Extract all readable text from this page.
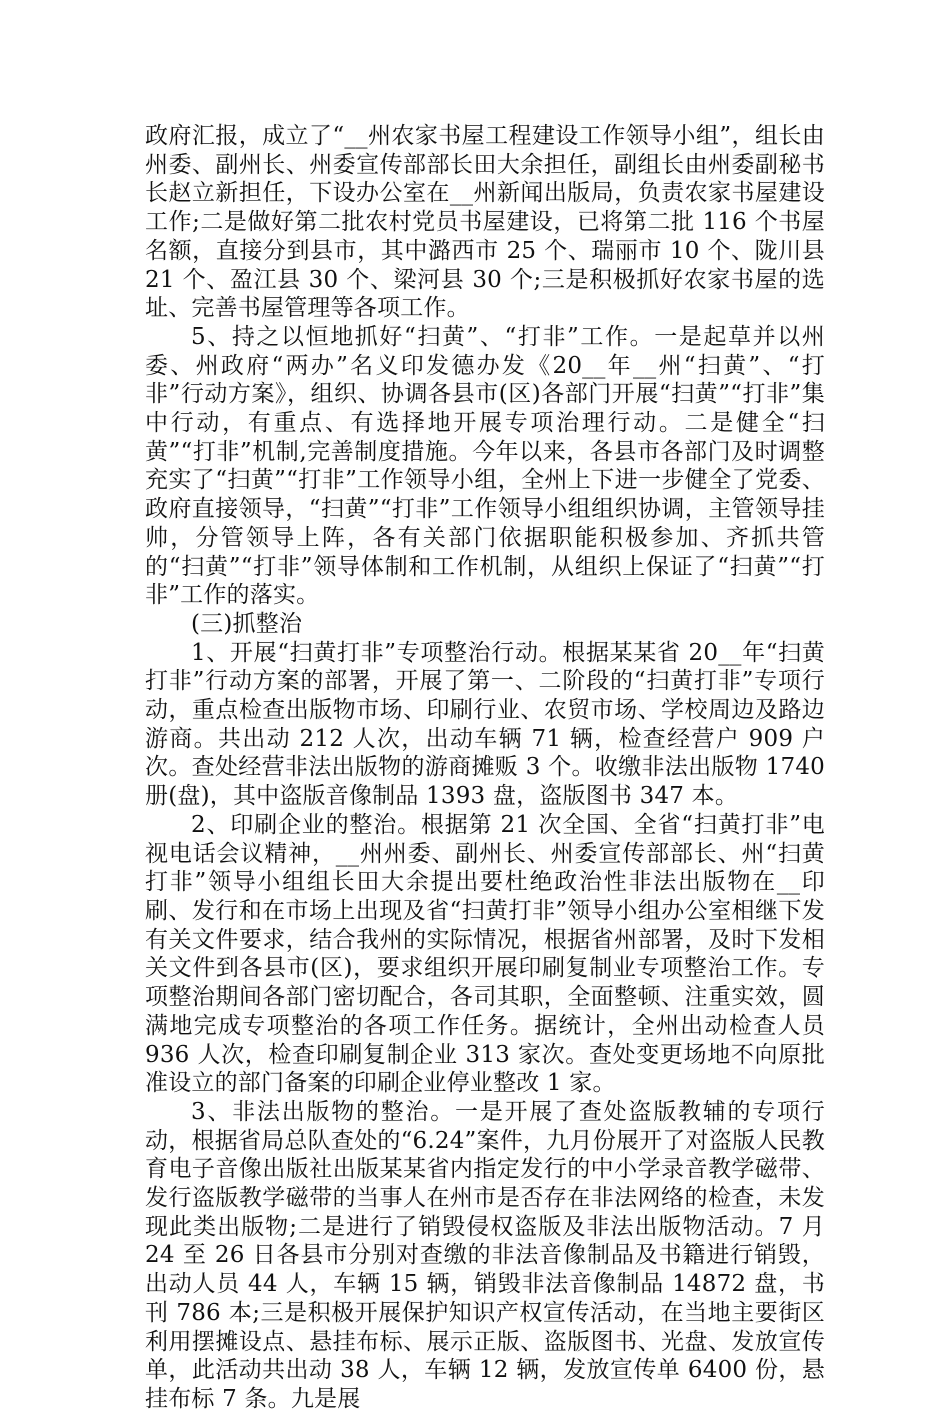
政府汇报，成立了“__州农家书屋工程建设工作领导小组”，组长由州委、副州长、州委宣传部部长田大余担任，副组长由州委副秘书长赵立新担任，下设办公室在__州新闻出版局，负责农家书屋建设工作;二是做好第二批农村党员书屋建设，已将第二批 116 个书屋名额，直接分到县市，其中潞西市 25 个、瑞丽市 10 个、陇川县 21 个、盈江县 30 个、梁河县 30 个;三是积极抓好农家书屋的选址、完善书屋管理等各项工作。

5、持之以恒地抓好“扫黄”、“打非”工作。一是起草并以州委、州政府“两办”名义印发德办发《20__年__州“扫黄”、“打非”行动方案》，组织、协调各县市(区)各部门开展“扫黄”“打非”集中行动，有重点、有选择地开展专项治理行动。二是健全“扫黄”“打非”机制,完善制度措施。今年以来，各县市各部门及时调整充实了“扫黄”“打非”工作领导小组，全州上下进一步健全了党委、政府直接领导，“扫黄”“打非”工作领导小组组织协调，主管领导挂帅，分管领导上阵，各有关部门依据职能积极参加、齐抓共管的“扫黄”“打非”领导体制和工作机制，从组织上保证了“扫黄”“打非”工作的落实。

(三)抓整治

1、开展“扫黄打非”专项整治行动。根据某某省 20__年“扫黄打非”行动方案的部署，开展了第一、二阶段的“扫黄打非”专项行动，重点检查出版物市场、印刷行业、农贸市场、学校周边及路边游商。共出动 212 人次，出动车辆 71 辆，检查经营户 909 户次。查处经营非法出版物的游商摊贩 3 个。收缴非法出版物 1740 册(盘)，其中盗版音像制品 1393 盘，盗版图书 347 本。

2、印刷企业的整治。根据第 21 次全国、全省“扫黄打非”电视电话会议精神，__州州委、副州长、州委宣传部部长、州“扫黄打非”领导小组组长田大余提出要杜绝政治性非法出版物在__印刷、发行和在市场上出现及省“扫黄打非”领导小组办公室相继下发有关文件要求，结合我州的实际情况，根据省州部署，及时下发相关文件到各县市(区)，要求组织开展印刷复制业专项整治工作。专项整治期间各部门密切配合，各司其职，全面整顿、注重实效，圆满地完成专项整治的各项工作任务。据统计，全州出动检查人员 936 人次，检查印刷复制企业 313 家次。查处变更场地不向原批准设立的部门备案的印刷企业停业整改 1 家。

3、非法出版物的整治。一是开展了查处盗版教辅的专项行动，根据省局总队查处的“6.24”案件，九月份展开了对盗版人民教育电子音像出版社出版某某省内指定发行的中小学录音教学磁带、发行盗版教学磁带的当事人在州市是否存在非法网络的检查，未发现此类出版物;二是进行了销毁侵权盗版及非法出版物活动。7 月 24 至 26 日各县市分别对查缴的非法音像制品及书籍进行销毁，出动人员 44 人，车辆 15 辆，销毁非法音像制品 14872 盘，书刊 786 本;三是积极开展保护知识产权宣传活动，在当地主要街区利用摆摊设点、悬挂布标、展示正版、盗版图书、光盘、发放宣传单，此活动共出动 38 人，车辆 12 辆，发放宣传单 6400 份，悬挂布标 7 条。九是展
